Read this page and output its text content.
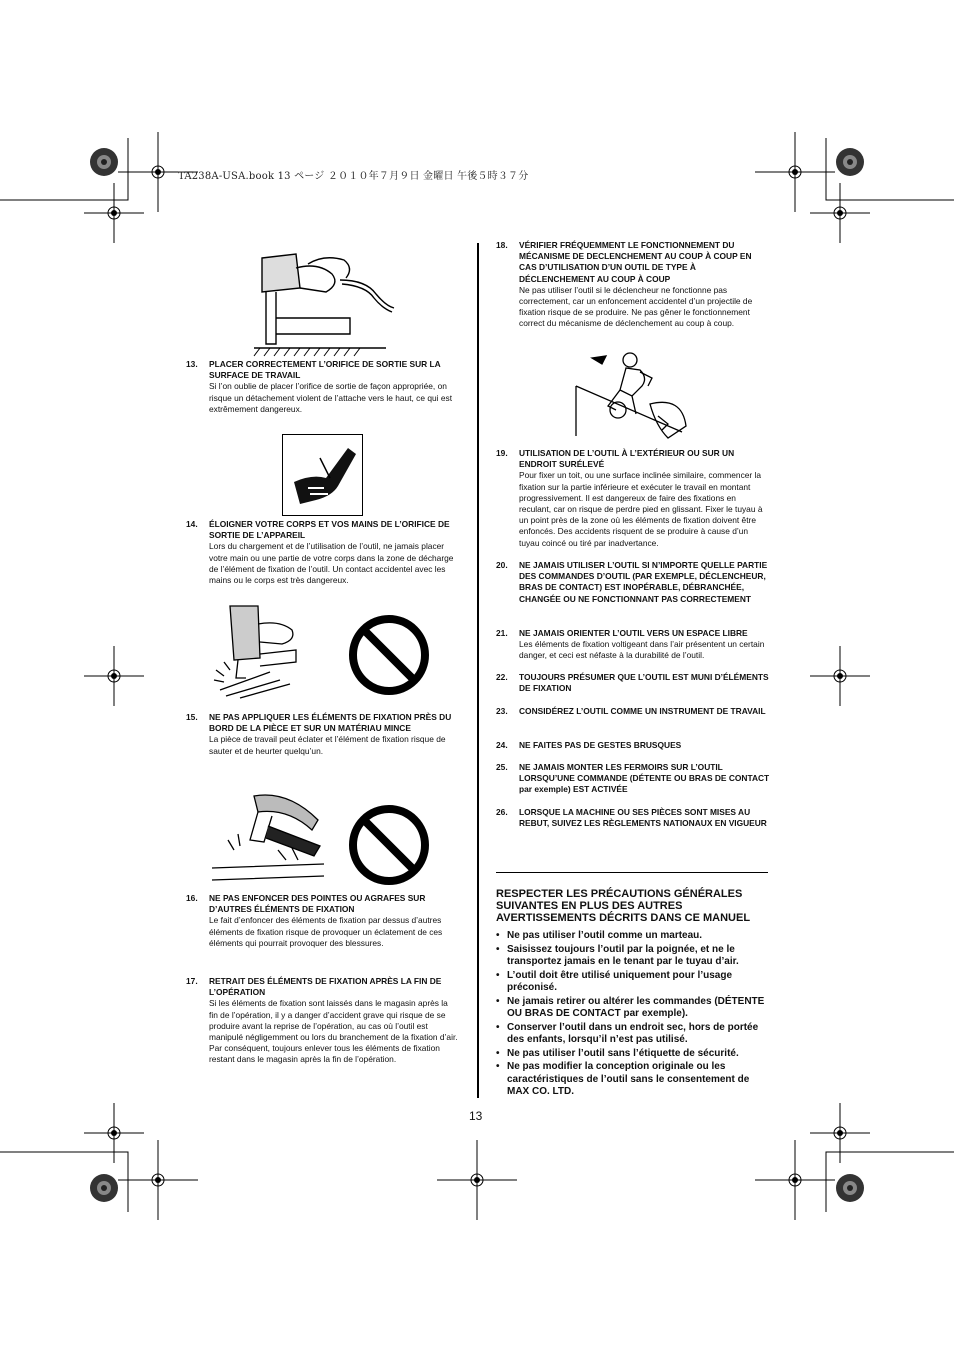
TA238A-USA.book 13 ページ ２０１０年７月９日 金曜日 午後５時３７分
13. PLACER CORRECTEMENT L’ORIFICE DE SORTIE SUR LA SURFACE DE TRAVAIL
Si l’on oublie de placer l’orifice de sortie de façon appropriée, on risque un détachement violent de l’attache vers le haut, ce qui est extrêmement dangereux.
14. ÉLOIGNER VOTRE CORPS ET VOS MAINS DE L’ORIFICE DE SORTIE DE L’APPAREIL
Lors du chargement et de l’utilisation de l’outil, ne jamais placer votre main ou une partie de votre corps dans la zone de décharge de l’élément de fixation de l’outil. Un contact accidentel avec les mains ou le corps est très dangereux.
15. NE PAS APPLIQUER LES ÉLÉMENTS DE FIXATION PRÈS DU BORD DE LA PIÈCE ET SUR UN MATÉRIAU MINCE
La pièce de travail peut éclater et l’élément de fixation risque de sauter et de heurter quelqu’un.
16. NE PAS ENFONCER DES POINTES OU AGRAFES SUR D’AUTRES ÉLÉMENTS DE FIXATION
Le fait d’enfoncer des éléments de fixation par dessus d’autres éléments de fixation risque de provoquer un éclatement de ces éléments qui pourrait provoquer des blessures.
17. RETRAIT DES ÉLÉMENTS DE FIXATION APRÈS LA FIN DE L’OPÉRATION
Si les éléments de fixation sont laissés dans le magasin après la fin de l’opération, il y a danger d’accident grave qui risque de se produire avant la reprise de l’opération, au cas où l’outil est manipulé négligemment ou lors du branchement de la fixation d’air. Par conséquent, toujours enlever tous les éléments de fixation restant dans le magasin après la fin de l’opération.
18. VÉRIFIER FRÉQUEMMENT LE FONCTIONNEMENT DU MÉCANISME DE DECLENCHEMENT AU COUP À COUP EN CAS D’UTILISATION D’UN OUTIL DE TYPE À DÉCLENCHEMENT AU COUP À COUP
Ne pas utiliser l’outil si le déclencheur ne fonctionne pas correctement, car un enfoncement accidentel d’un projectile de fixation risque de se produire. Ne pas gêner le fonctionnement correct du mécanisme de déclenchement au coup à coup.
19. UTILISATION DE L’OUTIL À L’EXTÉRIEUR OU SUR UN ENDROIT SURÉLEVÉ
Pour fixer un toit, ou une surface inclinée similaire, commencer la fixation sur la partie inférieure et exécuter le travail en montant progressivement. Il est dangereux de faire des fixations en reculant, car on risque de perdre pied en glissant. Fixer le tuyau à un point près de la zone où les éléments de fixation doivent être enfoncés. Des accidents risquent de se produire à cause d’un tuyau coincé ou tiré par inadvertance.
20. NE JAMAIS UTILISER L’OUTIL SI N’IMPORTE QUELLE PARTIE DES COMMANDES D’OUTIL (PAR EXEMPLE, DÉCLENCHEUR, BRAS DE CONTACT) EST INOPÉRABLE, DÉBRANCHÉE, CHANGÉE OU NE FONCTIONNANT PAS CORRECTEMENT
21. NE JAMAIS ORIENTER L’OUTIL VERS UN ESPACE LIBRE
Les éléments de fixation voltigeant dans l’air présentent un certain danger, et ceci est néfaste à la durabilité de l’outil.
22. TOUJOURS PRÉSUMER QUE L’OUTIL EST MUNI D’ÉLÉMENTS DE FIXATION
23. CONSIDÉREZ L’OUTIL COMME UN INSTRUMENT DE TRAVAIL
24. NE FAITES PAS DE GESTES BRUSQUES
25. NE JAMAIS MONTER LES FERMOIRS SUR L’OUTIL LORSQU’UNE COMMANDE (DÉTENTE OU BRAS DE CONTACT par exemple) EST ACTIVÉE
26. LORSQUE LA MACHINE OU SES PIÈCES SONT MISES AU REBUT, SUIVEZ LES RÈGLEMENTS NATIONAUX EN VIGUEUR
RESPECTER LES PRÉCAUTIONS GÉNÉRALES SUIVANTES EN PLUS DES AUTRES AVERTISSEMENTS DÉCRITS DANS CE MANUEL
• Ne pas utiliser l’outil comme un marteau.
• Saisissez toujours l’outil par la poignée, et ne le transportez jamais en le tenant par le tuyau d’air.
• L’outil doit être utilisé uniquement pour l’usage préconisé.
• Ne jamais retirer ou altérer les commandes (DÉTENTE OU BRAS DE CONTACT par exemple).
• Conserver l’outil dans un endroit sec, hors de portée des enfants, lorsqu’il n’est pas utilisé.
• Ne pas utiliser l’outil sans l’étiquette de sécurité.
• Ne pas modifier la conception originale ou les caractéristiques de l’outil sans le consentement de MAX CO. LTD.
13
